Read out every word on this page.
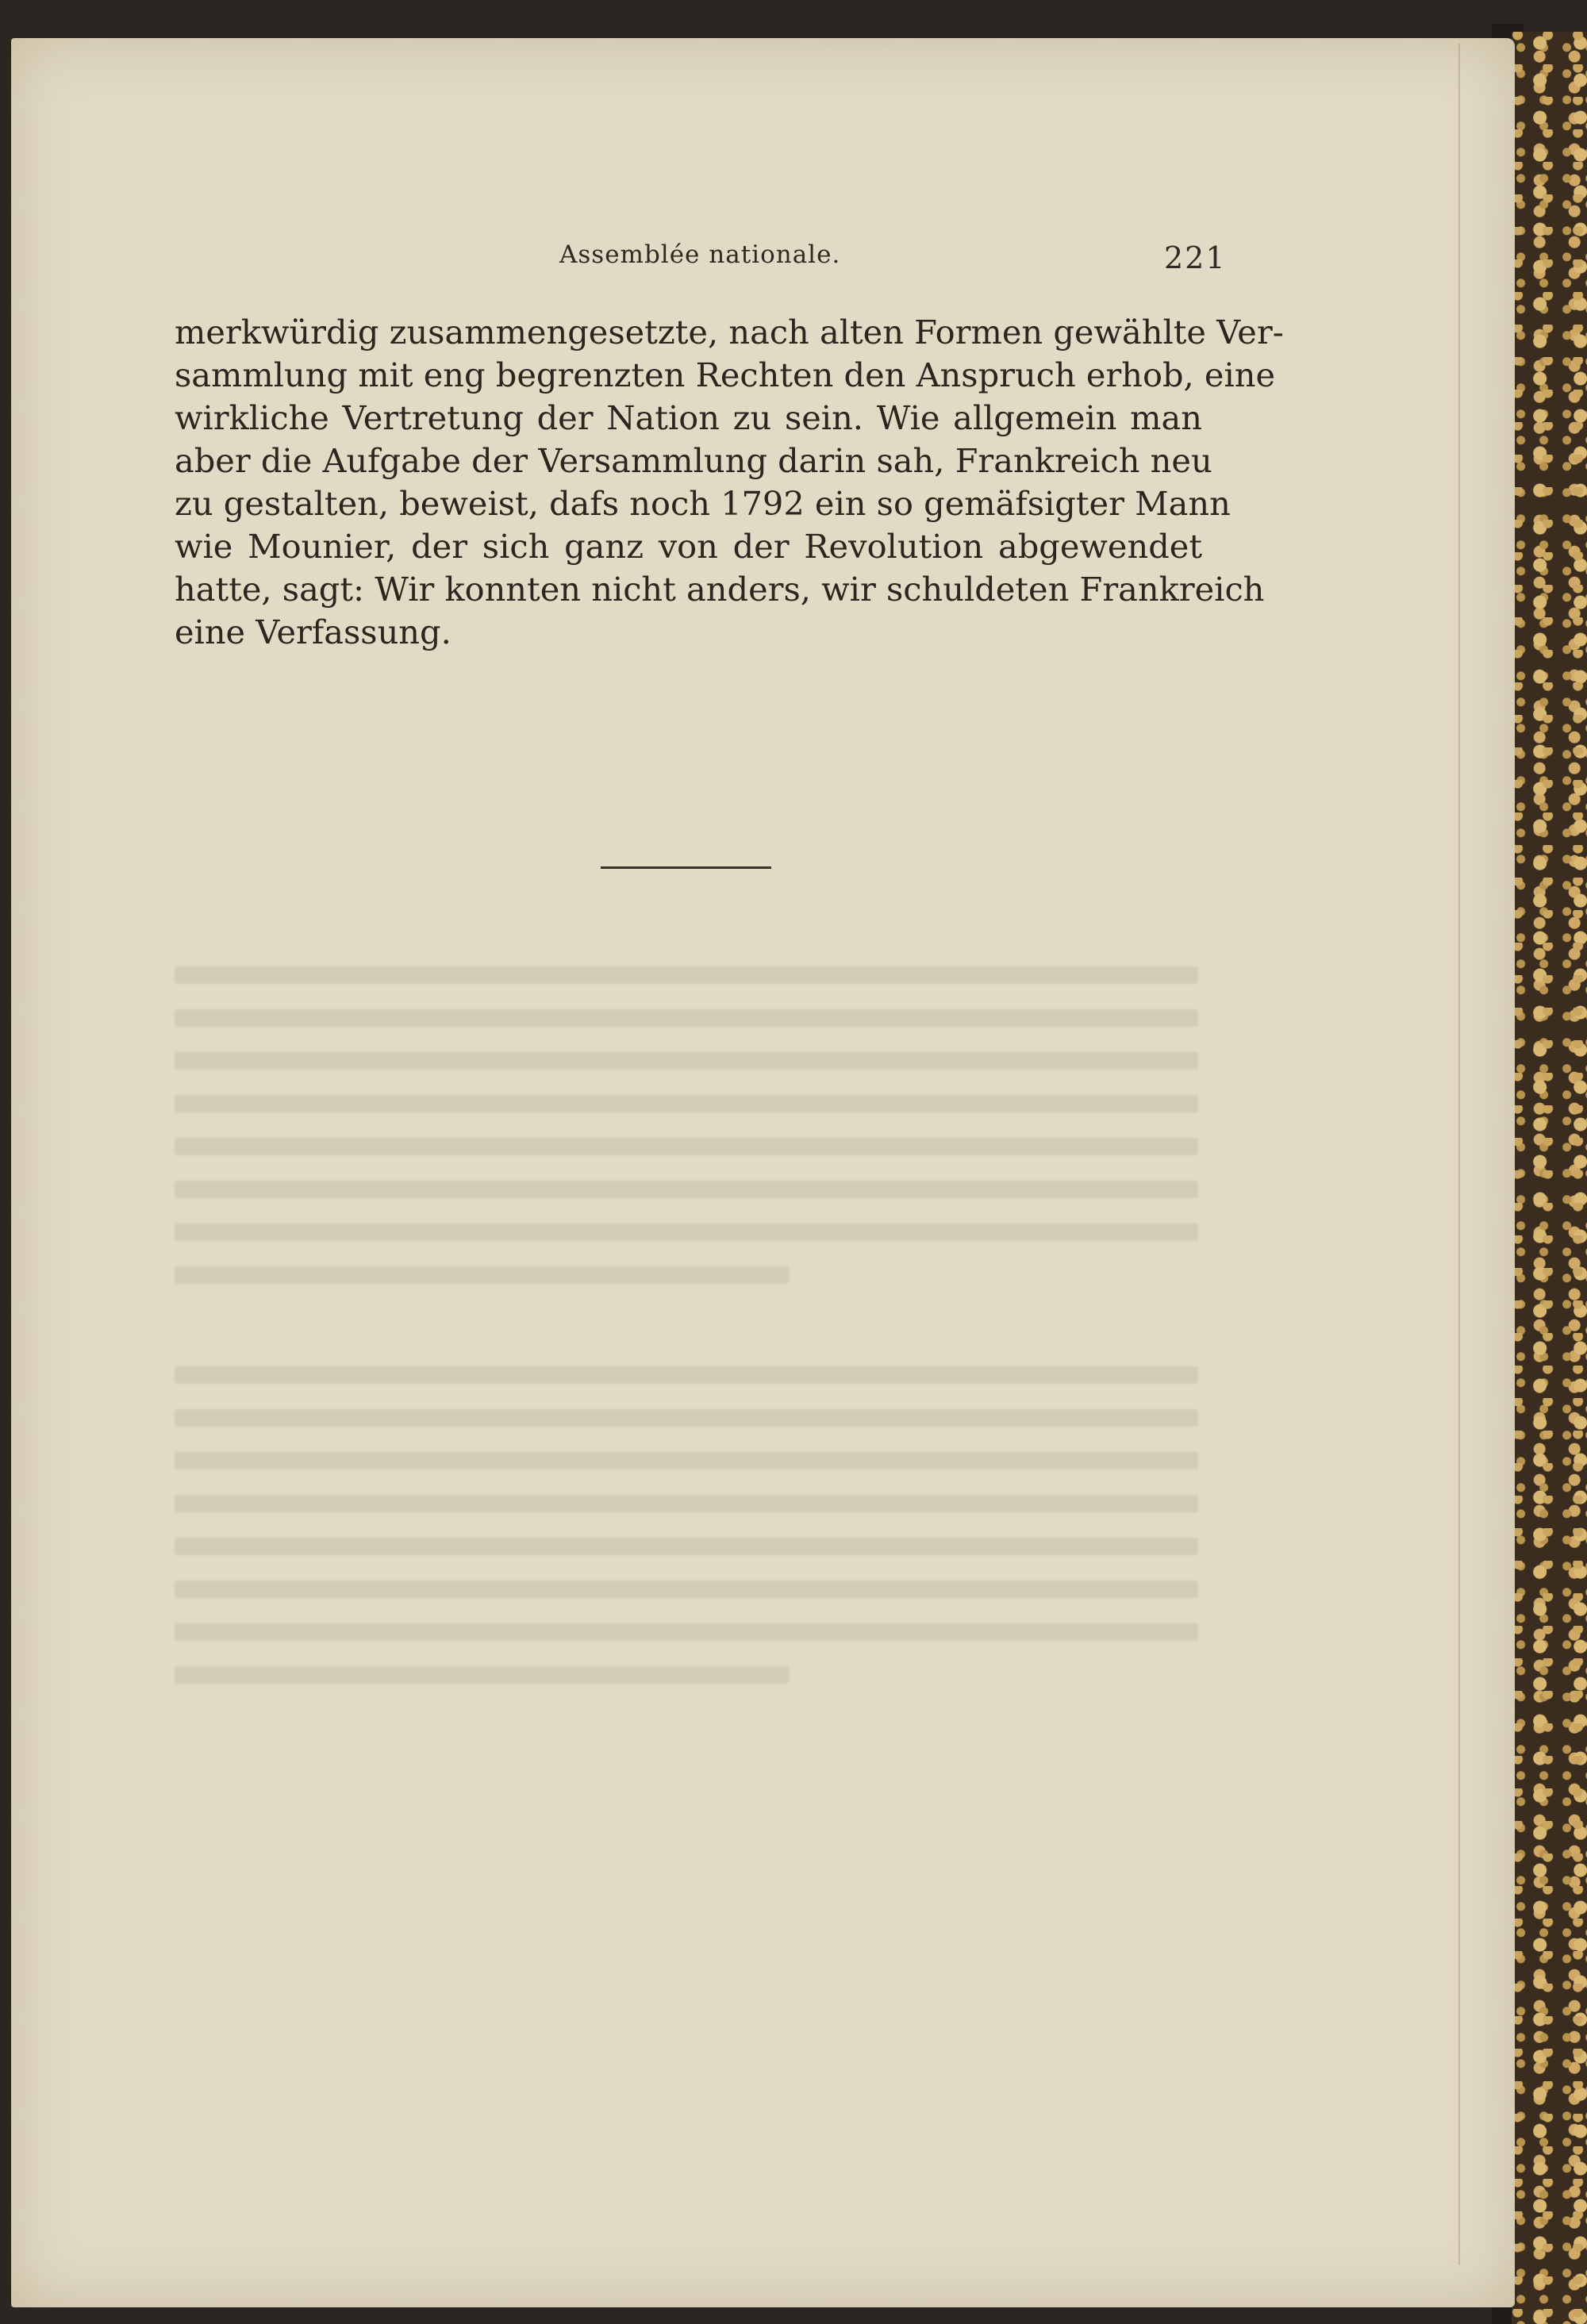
Assemblée nationale.	221
merkwürdig zusammengesetzte, nach alten Formen gewählte Ver-
sammlung mit eng begrenzten Rechten den Anspruch erhob, eine
wirkliche Vertretung der Nation zu sein. Wie allgemein man
aber die Aufgabe der Versammlung darin sah, Frankreich neu
zu gestalten, beweist, dafs noch 1792 ein so gemäfsigter Mann
wie Mounier, der sich ganz von der Revolution abgewendet
hatte, sagt: Wir konnten nicht anders, wir schuldeten Frankreich
eine Verfassung.
